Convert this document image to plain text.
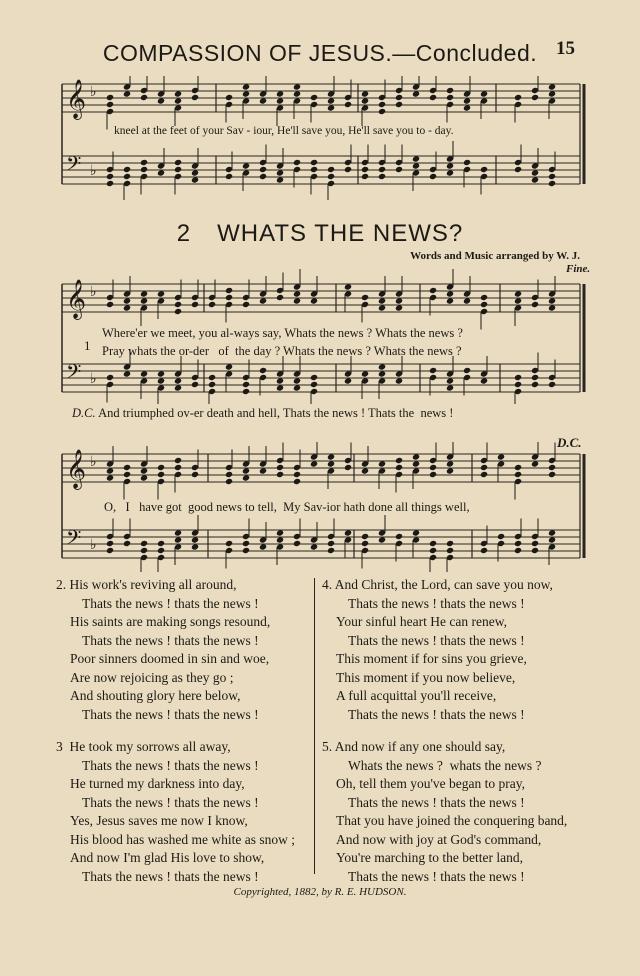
COMPASSION OF JESUS.—Concluded. 15
𝄞 ♭
𝄢 ♭
kneel at the feet of your Sav - iour, He'll save you, He'll save you to - day.
2 WHATS THE NEWS?
Words and Music arranged by W. J.
Fine.
𝄞 ♭
𝄢 ♭
1
Where'er we meet, you al-ways say, Whats the news ? Whats the news ?
Pray whats the or-der   of  the day ? Whats the news ? Whats the news ?
D.C. And triumphed ov-er death and hell, Thats the news ! Thats the  news !
D.C.
𝄞 ♭
𝄢 ♭
O,   I   have got  good news to tell,  My Sav-ior hath done all things well,
2. His work's reviving all around,
Thats the news ! thats the news !
His saints are making songs resound,
Thats the news ! thats the news !
Poor sinners doomed in sin and woe,
Are now rejoicing as they go ;
And shouting glory here below,
Thats the news ! thats the news !
3  He took my sorrows all away,
Thats the news ! thats the news !
He turned my darkness into day,
Thats the news ! thats the news !
Yes, Jesus saves me now I know,
His blood has washed me white as snow ;
And now I'm glad His love to show,
Thats the news ! thats the news !
4. And Christ, the Lord, can save you now,
Thats the news ! thats the news !
Your sinful heart He can renew,
Thats the news ! thats the news !
This moment if for sins you grieve,
This moment if you now believe,
A full acquittal you'll receive,
Thats the news ! thats the news !
5. And now if any one should say,
Whats the news ?  whats the news ?
Oh, tell them you've began to pray,
Thats the news ! thats the news !
That you have joined the conquering band,
And now with joy at God's command,
You're marching to the better land,
Thats the news ! thats the news !
Copyrighted, 1882, by R. E. HUDSON.
